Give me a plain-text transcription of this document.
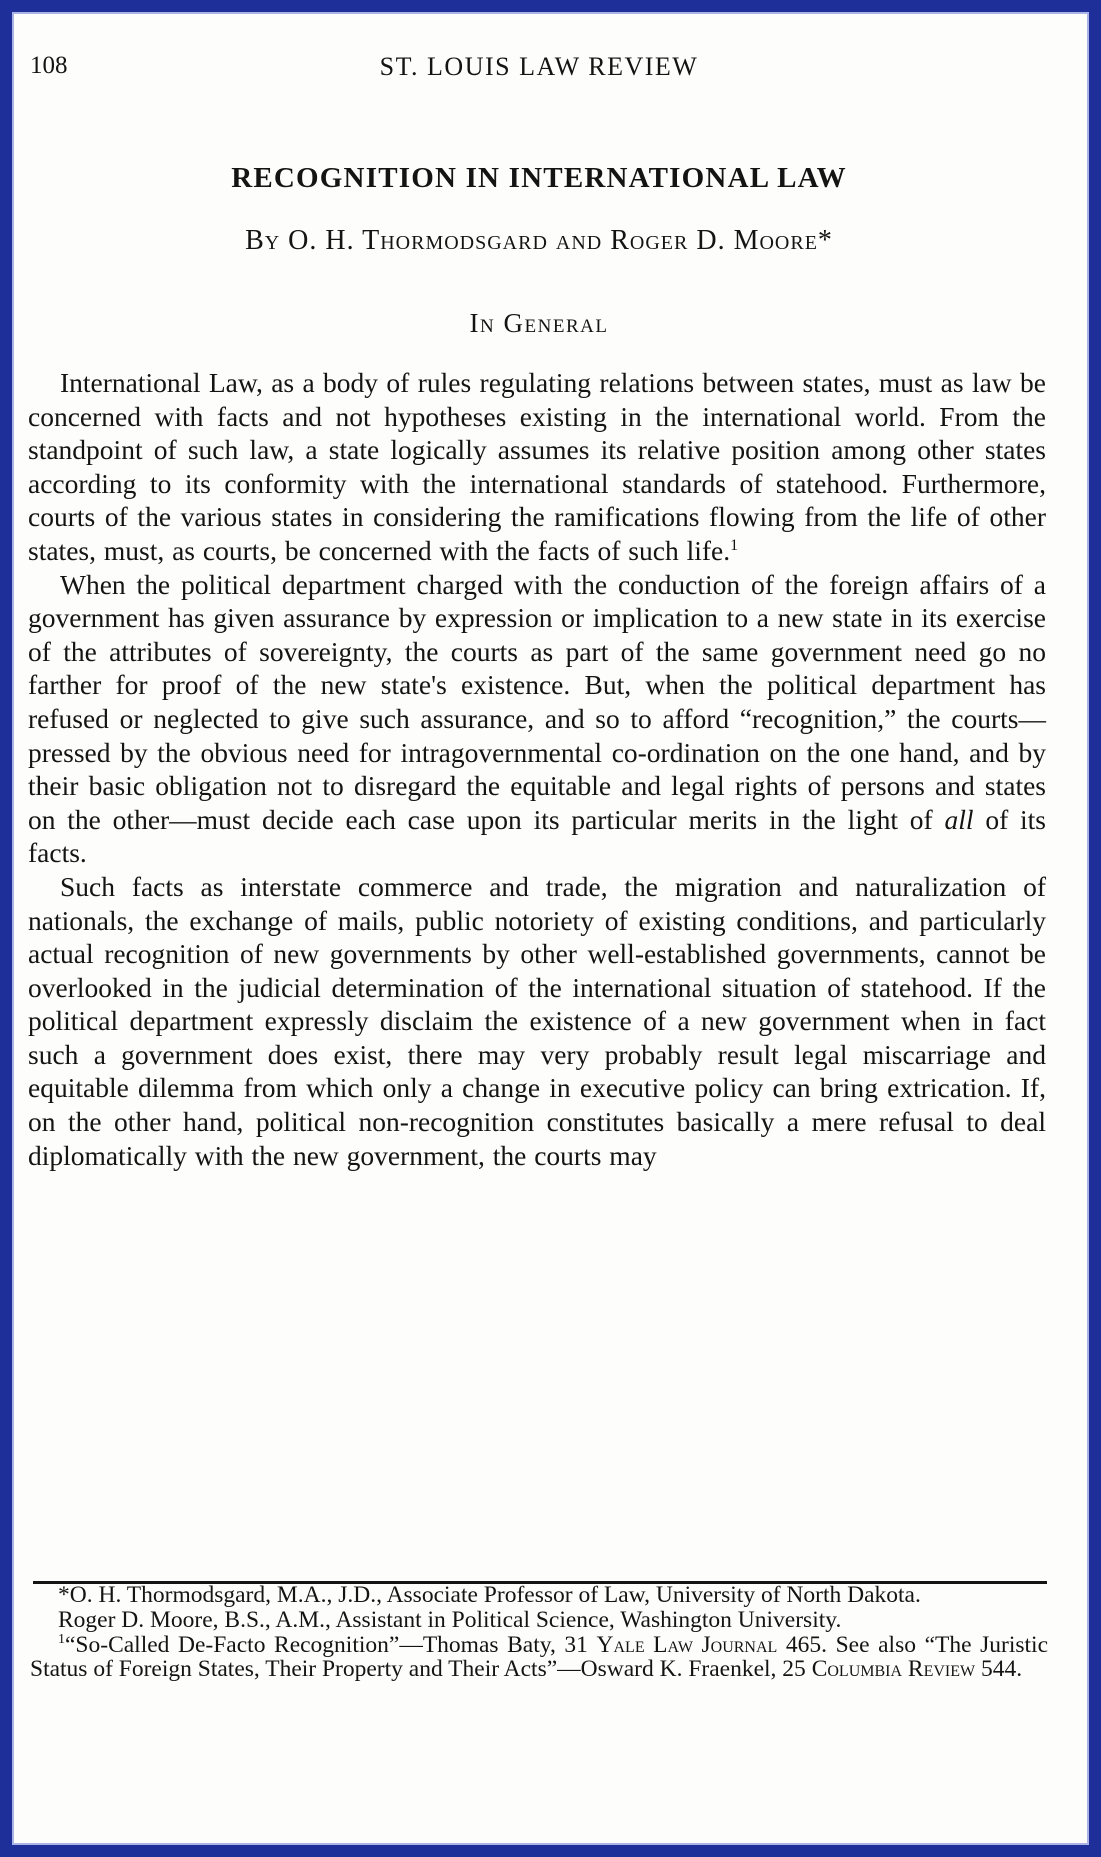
108	ST. LOUIS LAW REVIEW
RECOGNITION IN INTERNATIONAL LAW
By O. H. Thormodsgard and Roger D. Moore*
In General

International Law, as a body of rules regulating relations between states, must as law be concerned with facts and not hypotheses existing in the international world. From the standpoint of such law, a state logically assumes its relative position among other states according to its conformity with the international standards of statehood. Furthermore, courts of the various states in considering the ramifications flowing from the life of other states, must, as courts, be concerned with the facts of such life.$^1$

When the political department charged with the conduction of the foreign affairs of a government has given assurance by expression or implication to a new state in its exercise of the attributes of sovereignty, the courts as part of the same government need go no farther for proof of the new state's existence. But, when the political department has refused or neglected to give such assurance, and so to afford “recognition,” the courts— pressed by the obvious need for intragovernmental co-ordination on the one hand, and by their basic obligation not to disregard the equitable and legal rights of persons and states on the other—must decide each case upon its particular merits in the light of all of its facts.

Such facts as interstate commerce and trade, the migration and naturalization of nationals, the exchange of mails, public notoriety of existing conditions, and particularly actual recognition of new governments by other well-established governments, cannot be overlooked in the judicial determination of the international situation of statehood. If the political department expressly disclaim the existence of a new government when in fact such a government does exist, there may very probably result legal miscarriage and equitable dilemma from which only a change in executive policy can bring extrication. If, on the other hand, political non-recognition constitutes basically a mere refusal to deal diplomatically with the new government, the courts may

*O. H. Thormodsgard, M.A., J.D., Associate Professor of Law, University of North Dakota.

Roger D. Moore, B.S., A.M., Assistant in Political Science, Washington University.

$^1$“So-Called De-Facto Recognition”—Thomas Baty, 31 Yale Law Journal 465. See also “The Juristic Status of Foreign States, Their Property and Their Acts”—Osward K. Fraenkel, 25 Columbia Review 544.
